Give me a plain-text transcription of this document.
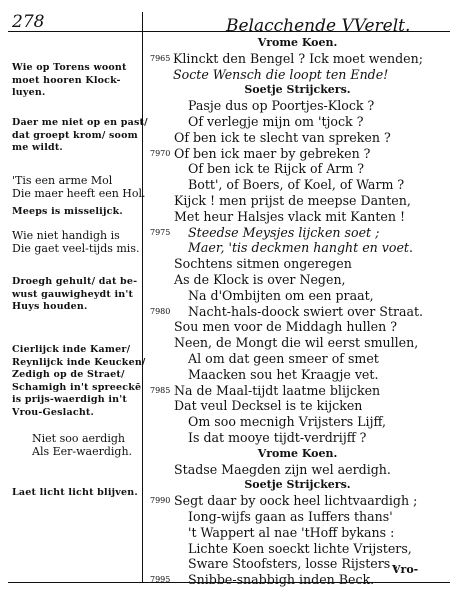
278	Belacchende VVerelt.
Wie op Torens woont
moet hooren Klock-
luyen.
Daer me niet op en past/
dat groept krom/ soom
me wildt.
'Tis een arme Mol
Die maer heeft een Hol.
Meeps is misselijck.
Wie niet handigh is
Die gaet veel-tijds mis.
Droegh gehult/ dat be-
wust gauwigheydt in't
Huys houden.
Cierlijck inde Kamer/
Reynlijck inde Keucken/
Zedigh op de Straet/
Schamigh in't spreeckē
is prijs-waerdigh in't
Vrou-Geslacht.
Niet soo aerdigh
Als Eer-waerdigh.
Laet licht licht blijven.
Vrome Koen.
7965 Klinckt den Bengel ? Ick moet wenden;
Socte Wensch die loopt ten Ende!
Soetje Strijckers.
Pasje dus op Poortjes-Klock ?
Of verlegje mijn om 'tjock ?
Of ben ick te slecht van spreken ?
7970 Of ben ick maer by gebreken ?
Of ben ick te Rijck of Arm ?
Bott', of Boers, of Koel, of Warm ?
Kijck ! men prijst de meepse Danten,
Met heur Halsjes vlack mit Kanten !
7975 Steedse Meysjes lijcken soet ;
Maer, 'tis deckmen hanght en voet.
Sochtens sitmen ongeregen
As de Klock is over Negen,
Na d'Ombijten om een praat,
7980 Nacht-hals-doock swiert over Straat.
Sou men voor de Middagh hullen ?
Neen, de Mongt die wil eerst smullen,
Al om dat geen smeer of smet
Maacken sou het Kraagje vet.
7985 Na de Maal-tijdt laatme blijcken
Dat veul Decksel is te kijcken
Om soo mecnigh Vrijsters Lijff,
Is dat mooye tijdt-verdrijff ?
Vrome Koen.
Stadse Maegden zijn wel aerdigh.
Soetje Strijckers.
7990 Segt daar by oock heel lichtvaardigh ;
Iong-wijfs gaan as Iuffers thans'
't Wappert al nae 'tHoff bykans :
Lichte Koen soeckt lichte Vrijsters,
Sware Stoofsters, losse Rijsters ,
7995 Snibbe-snabbigh inden Beck.
Vro-
